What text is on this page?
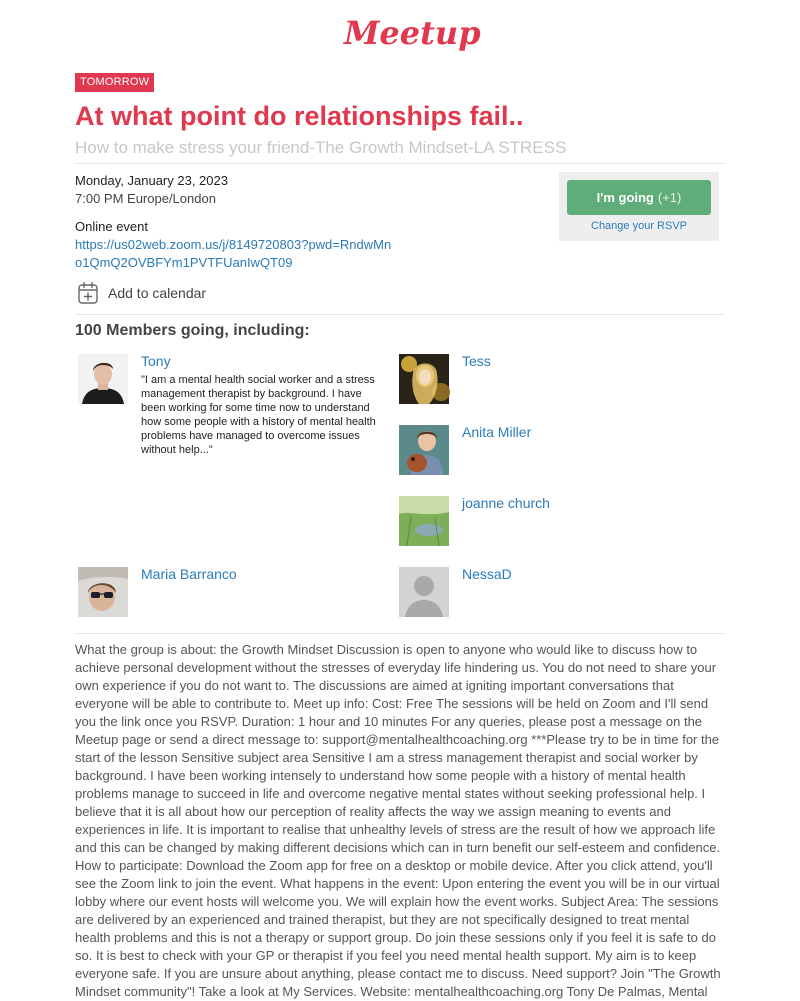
Meetup
TOMORROW
At what point do relationships fail..
How to make stress your friend-The Growth Mindset-LA STRESS
Monday, January 23, 2023
7:00 PM Europe/London
Online event
https://us02web.zoom.us/j/8149720803?pwd=RndwMno1QmQ2OVBFYm1PVTFUanIwQT09
I'm going (+1)
Change your RSVP
Add to calendar
100 Members going, including:
Tony
"I am a mental health social worker and a stress management therapist by background. I have been working for some time now to understand how some people with a history of mental health problems have managed to overcome issues without help..."
Tess
Anita Miller
joanne church
Maria Barranco	NessaD

What the group is about: the Growth Mindset Discussion is open to anyone who would like to discuss how to achieve personal development without the stresses of everyday life hindering us. You do not need to share your own experience if you do not want to. The discussions are aimed at igniting important conversations that everyone will be able to contribute to. Meet up info: Cost: Free The sessions will be held on Zoom and I'll send you the link once you RSVP. Duration: 1 hour and 10 minutes For any queries, please post a message on the Meetup page or send a direct message to: support@mentalhealthcoaching.org ***Please try to be in time for the start of the lesson Sensitive subject area Sensitive I am a stress management therapist and social worker by background. I have been working intensely to understand how some people with a history of mental health problems manage to succeed in life and overcome negative mental states without seeking professional help. I believe that it is all about how our perception of reality affects the way we assign meaning to events and experiences in life. It is important to realise that unhealthy levels of stress are the result of how we approach life and this can be changed by making different decisions which can in turn benefit our self-esteem and confidence. How to participate: Download the Zoom app for free on a desktop or mobile device. After you click attend, you'll see the Zoom link to join the event. What happens in the event: Upon entering the event you will be in our virtual lobby where our event hosts will welcome you. We will explain how the event works. Subject Area: The sessions are delivered by an experienced and trained therapist, but they are not specifically designed to treat mental health problems and this is not a therapy or support group. Do join these sessions only if you feel it is safe to do so. It is best to check with your GP or therapist if you feel you need mental health support. My aim is to keep everyone safe. If you are unsure about anything, please contact me to discuss. Need support? Join "The Growth Mindset community"! Take a look at My Services. Website: mentalhealthcoaching.org Tony De Palmas, Mental
